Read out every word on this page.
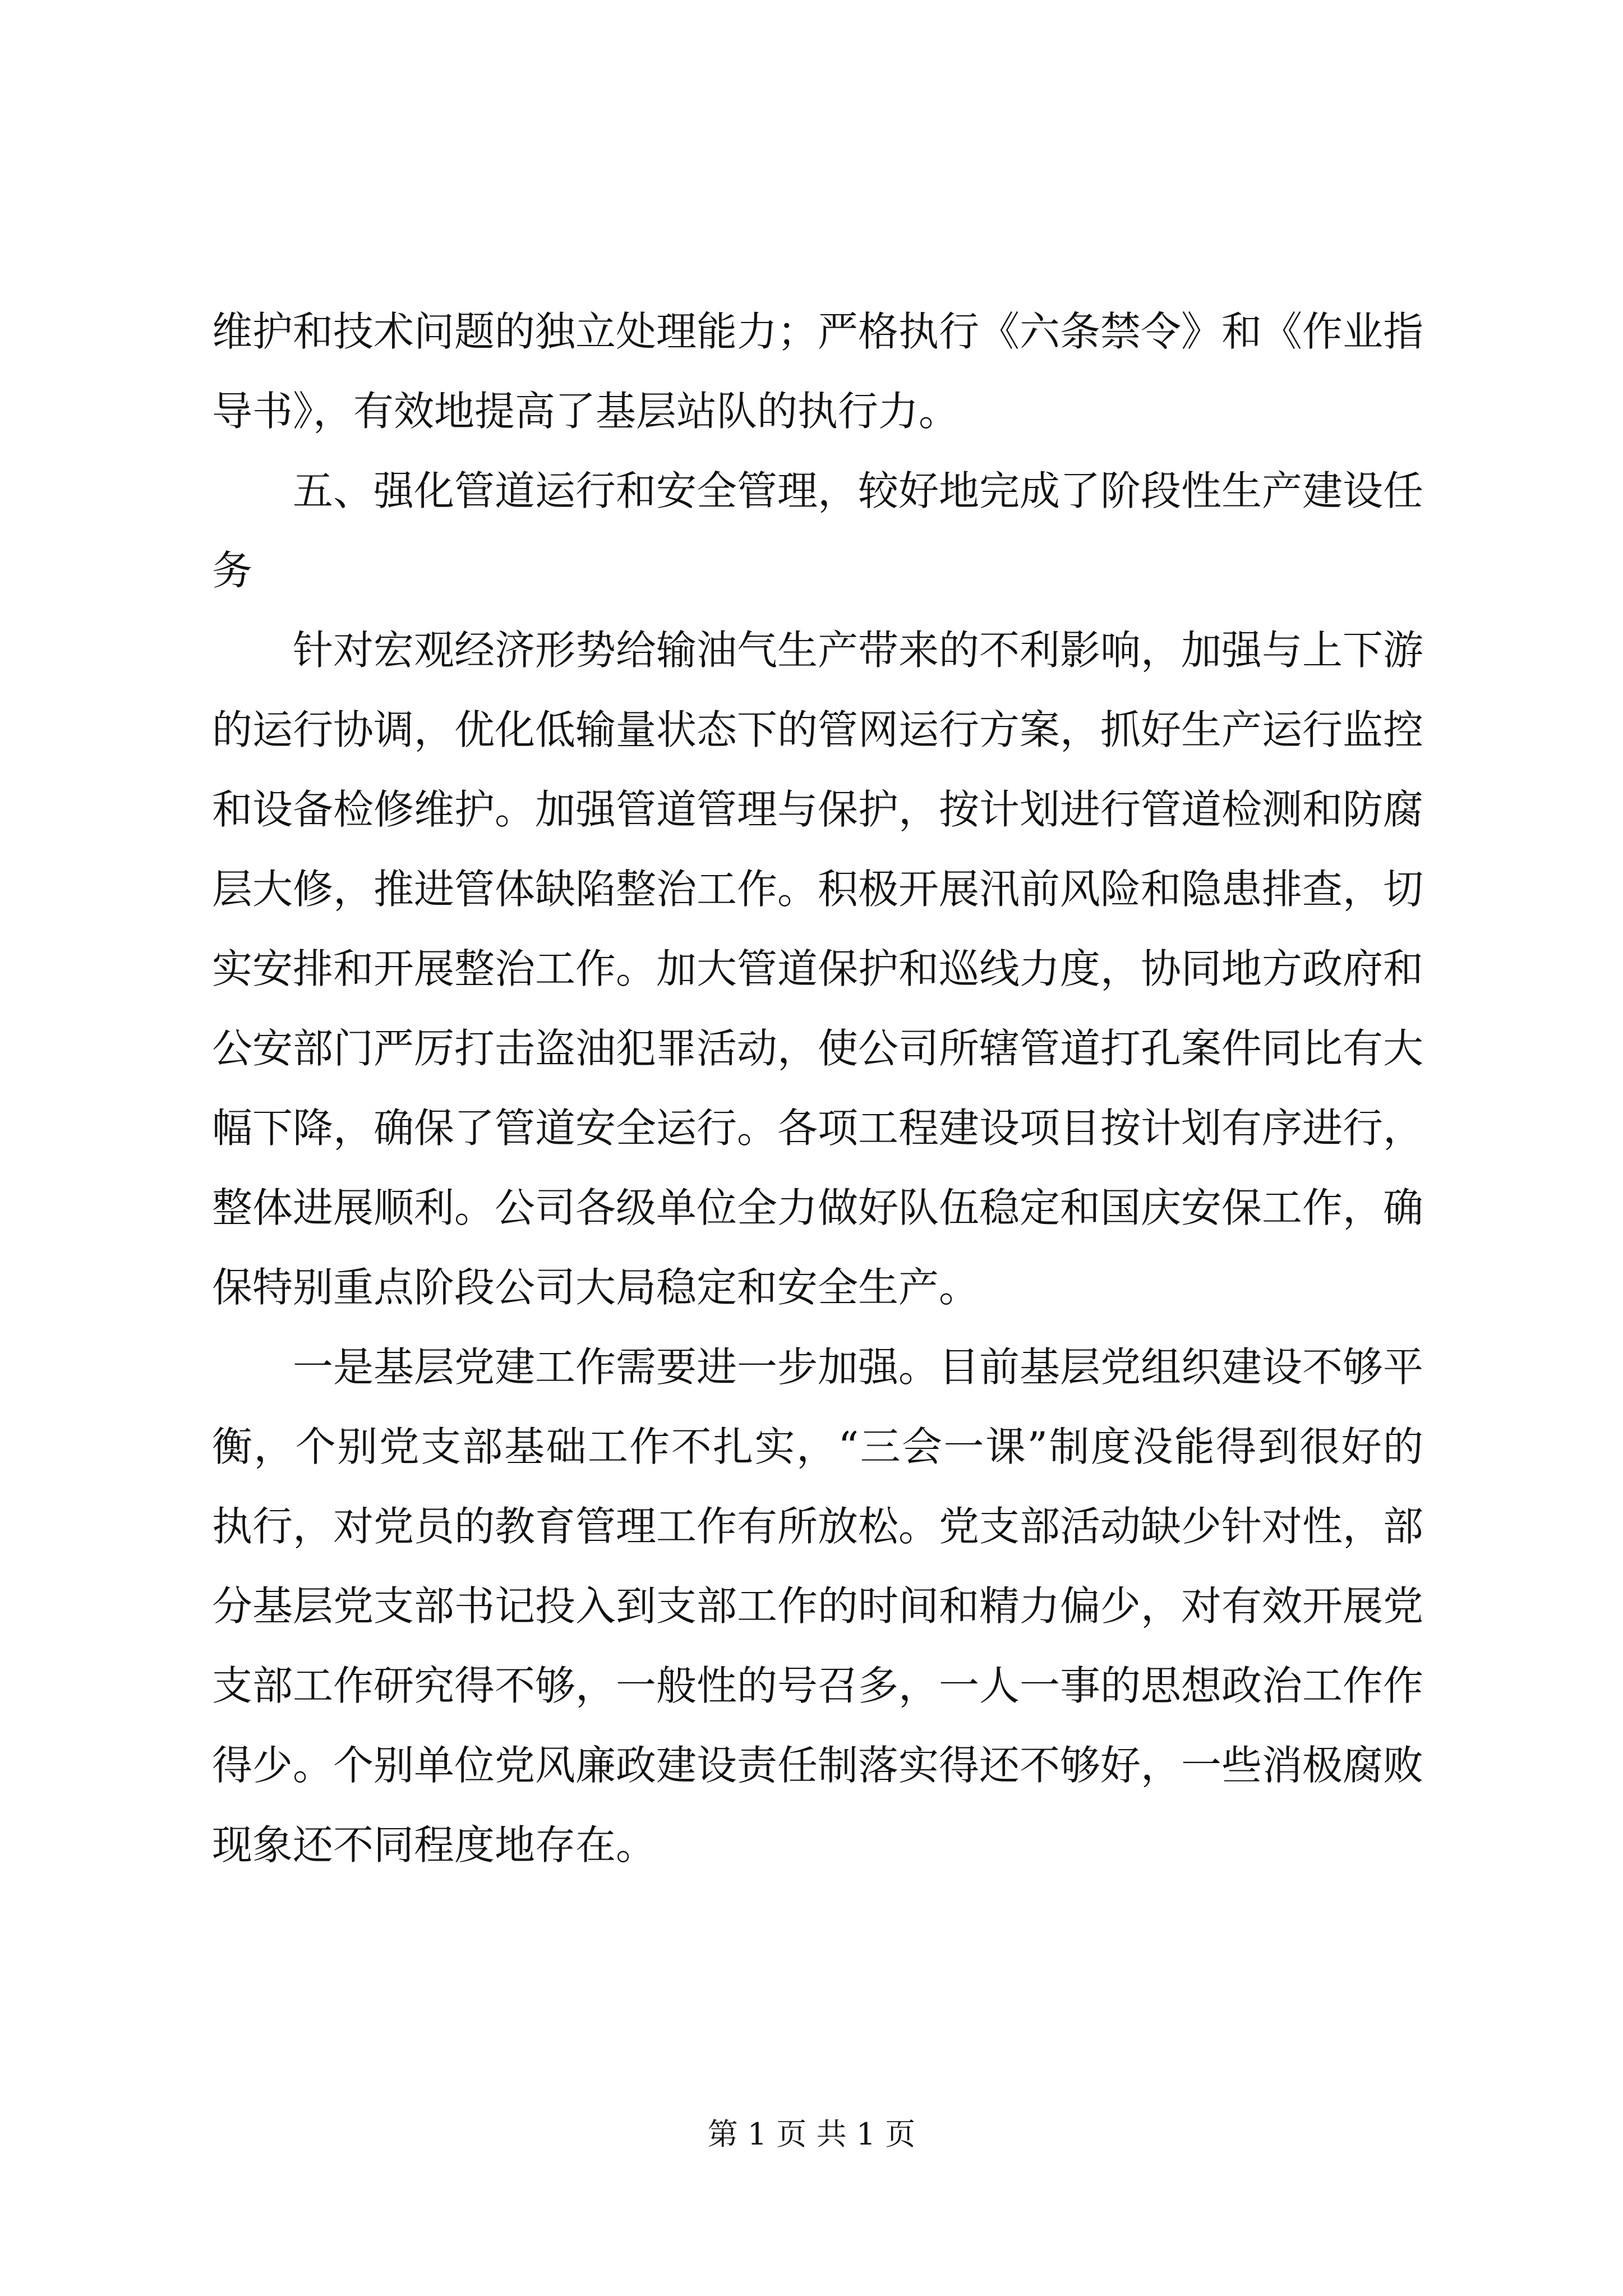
维护和技术问题的独立处理能力；严格执行《六条禁令》和《作业指导书》，有效地提高了基层站队的执行力。

五、强化管道运行和安全管理，较好地完成了阶段性生产建设任务

针对宏观经济形势给输油气生产带来的不利影响，加强与上下游的运行协调，优化低输量状态下的管网运行方案，抓好生产运行监控和设备检修维护。加强管道管理与保护，按计划进行管道检测和防腐层大修，推进管体缺陷整治工作。积极开展汛前风险和隐患排查，切实安排和开展整治工作。加大管道保护和巡线力度，协同地方政府和公安部门严厉打击盗油犯罪活动，使公司所辖管道打孔案件同比有大幅下降，确保了管道安全运行。各项工程建设项目按计划有序进行，整体进展顺利。公司各级单位全力做好队伍稳定和国庆安保工作，确保特别重点阶段公司大局稳定和安全生产。

一是基层党建工作需要进一步加强。目前基层党组织建设不够平衡，个别党支部基础工作不扎实，“三会一课”制度没能得到很好的执行，对党员的教育管理工作有所放松。党支部活动缺少针对性，部分基层党支部书记投入到支部工作的时间和精力偏少，对有效开展党支部工作研究得不够，一般性的号召多，一人一事的思想政治工作作得少。个别单位党风廉政建设责任制落实得还不够好，一些消极腐败现象还不同程度地存在。

第 1 页 共 1 页
